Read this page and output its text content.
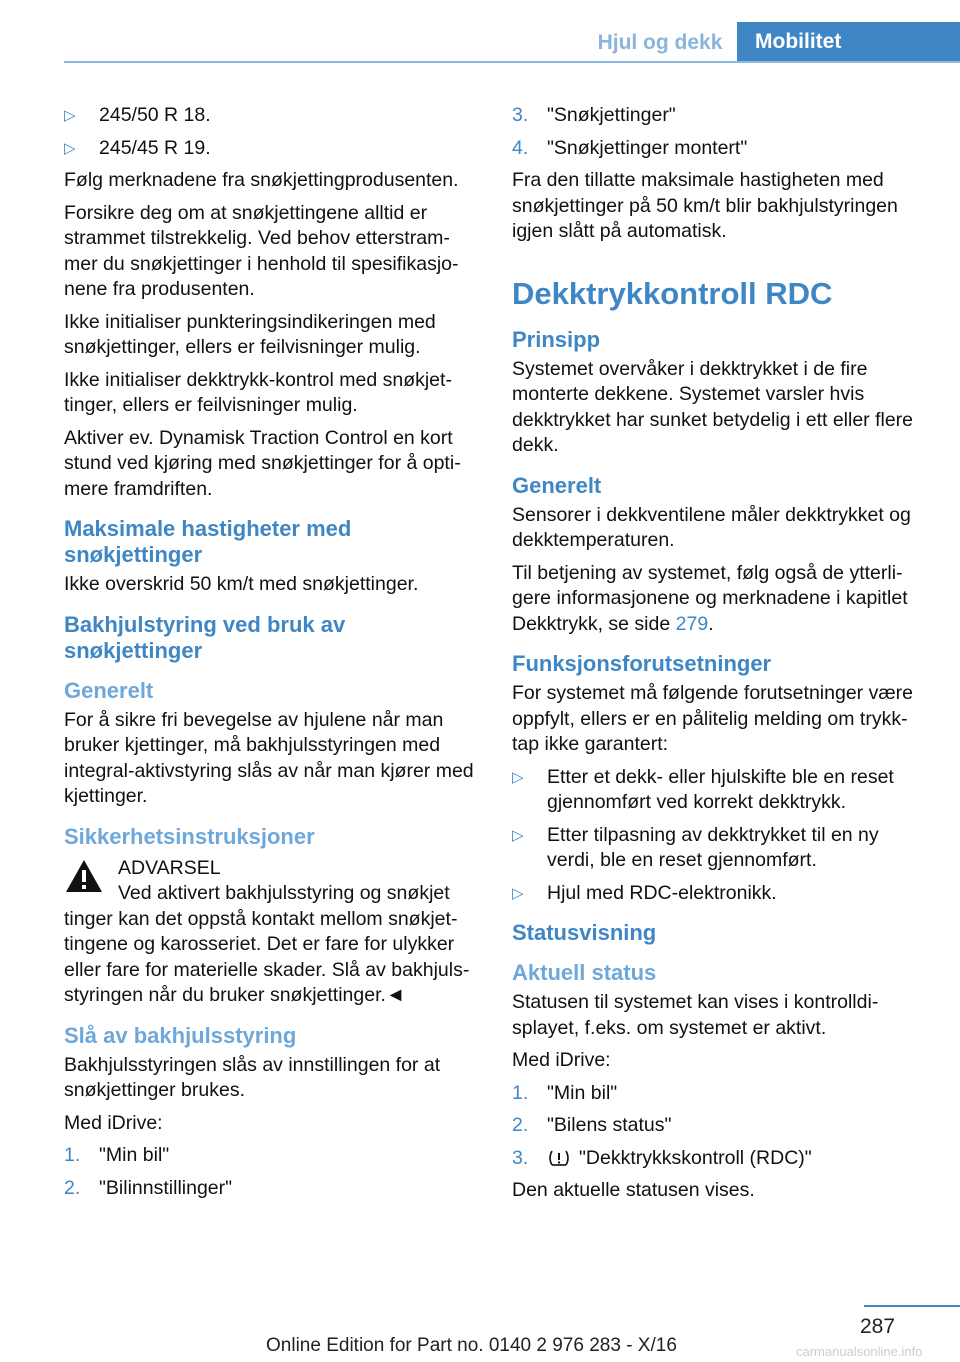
Hjul og dekk	Mobilitet
▷ 245/50 R 18.
▷ 245/45 R 19.

Følg merknadene fra snøkjettingprodusenten.

Forsikre deg om at snøkjettingene alltid er strammet tilstrekkelig. Ved behov etterstrammer du snøkjettinger i henhold til spesifikasjonene fra produsenten.

Ikke initialiser punkteringsindikeringen med snøkjettinger, ellers er feilvisninger mulig.

Ikke initialiser dekktrykk-kontrol med snøkjettinger, ellers er feilvisninger mulig.

Aktiver ev. Dynamisk Traction Control en kort stund ved kjøring med snøkjettinger for å optimere framdriften.

Maksimale hastigheter med snøkjettinger

Ikke overskrid 50 km/t med snøkjettinger.

Bakhjulstyring ved bruk av snøkjettinger
Generelt

For å sikre fri bevegelse av hjulene når man bruker kjettinger, må bakhjulsstyringen med integral-aktivstyring slås av når man kjører med kjettinger.

Sikkerhetsinstruksjoner
ADVARSEL
Ved aktivert bakhjulsstyring og snøkjet
tinger kan det oppstå kontakt mellom snøkjettingene og karosseriet. Det er fare for ulykker eller fare for materielle skader. Slå av bakhjulsstyringen når du bruker snøkjettinger.◄
Slå av bakhjulsstyring

Bakhjulsstyringen slås av innstillingen for at snøkjettinger brukes.

Med iDrive:

1. "Min bil"
2. "Bilinnstillinger"
3. "Snøkjettinger"
4. "Snøkjettinger montert"

Fra den tillatte maksimale hastigheten med snøkjettinger på 50 km/t blir bakhjulstyringen igjen slått på automatisk.

Dekktrykkontroll RDC
Prinsipp

Systemet overvåker i dekktrykket i de fire monterte dekkene. Systemet varsler hvis dekktrykket har sunket betydelig i ett eller flere dekk.

Generelt

Sensorer i dekkventilene måler dekktrykket og dekktemperaturen.

Til betjening av systemet, følg også de ytterligere informasjonene og merknadene i kapitlet Dekktrykk, se side 279.

Funksjonsforutsetninger

For systemet må følgende forutsetninger være oppfylt, ellers er en pålitelig melding om trykktap ikke garantert:

▷ Etter et dekk- eller hjulskifte ble en reset gjennomført ved korrekt dekktrykk.
▷ Etter tilpasning av dekktrykket til en ny verdi, ble en reset gjennomført.
▷ Hjul med RDC-elektronikk.
Statusvisning
Aktuell status

Statusen til systemet kan vises i kontrolldisplayet, f.eks. om systemet er aktivt.

Med iDrive:

1. "Min bil"
2. "Bilens status"
3.	"Dekktrykkskontroll (RDC)"

Den aktuelle statusen vises.

287
Online Edition for Part no. 0140 2 976 283 - X/16	carmanualsonline.info
